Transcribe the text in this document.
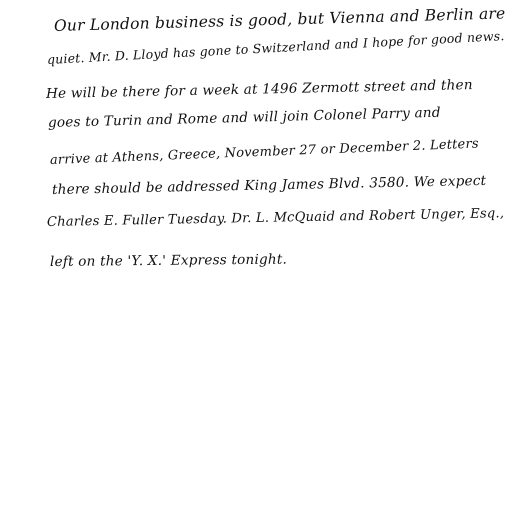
Our London business is good, but Vienna and Berlin are

quiet. Mr. D. Lloyd has gone to Switzerland and I hope for good news.

He will be there for a week at 1496 Zermott street and then

goes to Turin and Rome and will join Colonel Parry and

arrive at Athens, Greece, November 27 or December 2. Letters

there should be addressed King James Blvd. 3580. We expect

Charles E. Fuller Tuesday. Dr. L. McQuaid and Robert Unger, Esq.,

left on the 'Y. X.' Express tonight.
